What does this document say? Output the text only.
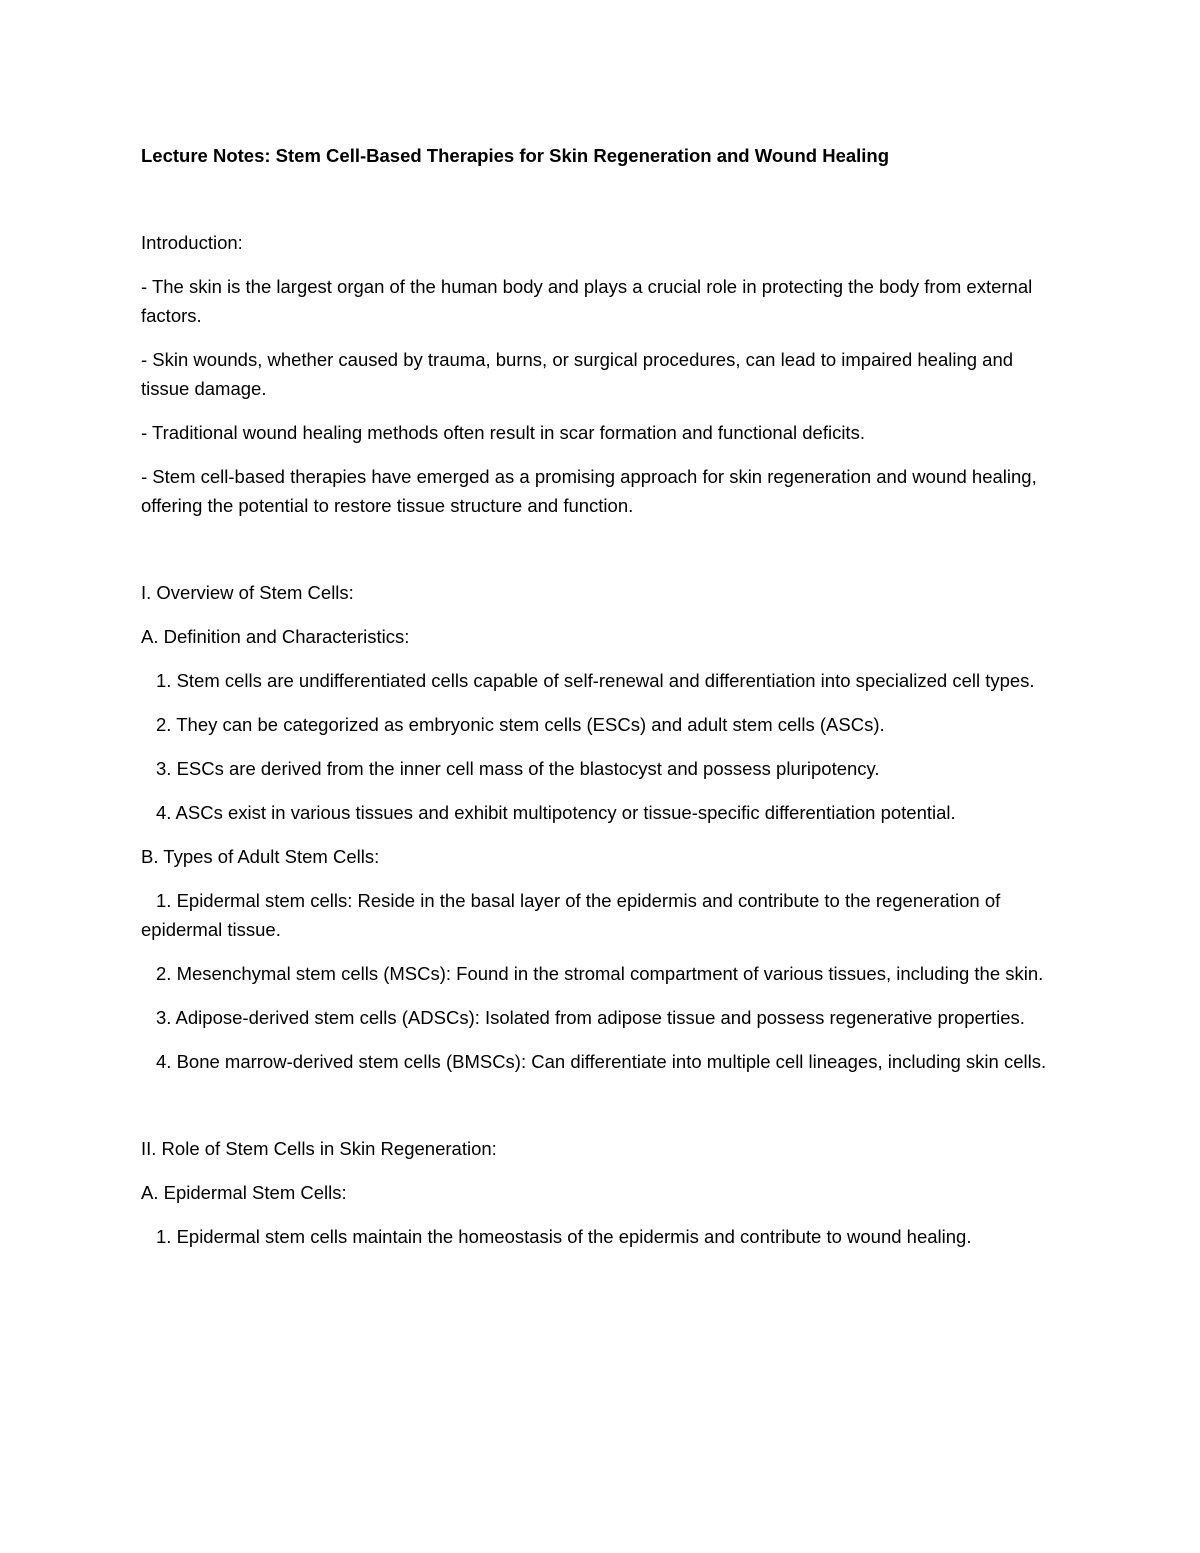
Lecture Notes: Stem Cell-Based Therapies for Skin Regeneration and Wound Healing

Introduction:

- The skin is the largest organ of the human body and plays a crucial role in protecting the body from external factors.

- Skin wounds, whether caused by trauma, burns, or surgical procedures, can lead to impaired healing and tissue damage.

- Traditional wound healing methods often result in scar formation and functional deficits.

- Stem cell-based therapies have emerged as a promising approach for skin regeneration and wound healing, offering the potential to restore tissue structure and function.

I. Overview of Stem Cells:

A. Definition and Characteristics:

1. Stem cells are undifferentiated cells capable of self-renewal and differentiation into specialized cell types.

2. They can be categorized as embryonic stem cells (ESCs) and adult stem cells (ASCs).

3. ESCs are derived from the inner cell mass of the blastocyst and possess pluripotency.

4. ASCs exist in various tissues and exhibit multipotency or tissue-specific differentiation potential.

B. Types of Adult Stem Cells:

1. Epidermal stem cells: Reside in the basal layer of the epidermis and contribute to the regeneration of epidermal tissue.

2. Mesenchymal stem cells (MSCs): Found in the stromal compartment of various tissues, including the skin.

3. Adipose-derived stem cells (ADSCs): Isolated from adipose tissue and possess regenerative properties.

4. Bone marrow-derived stem cells (BMSCs): Can differentiate into multiple cell lineages, including skin cells.

II. Role of Stem Cells in Skin Regeneration:

A. Epidermal Stem Cells:

1. Epidermal stem cells maintain the homeostasis of the epidermis and contribute to wound healing.
